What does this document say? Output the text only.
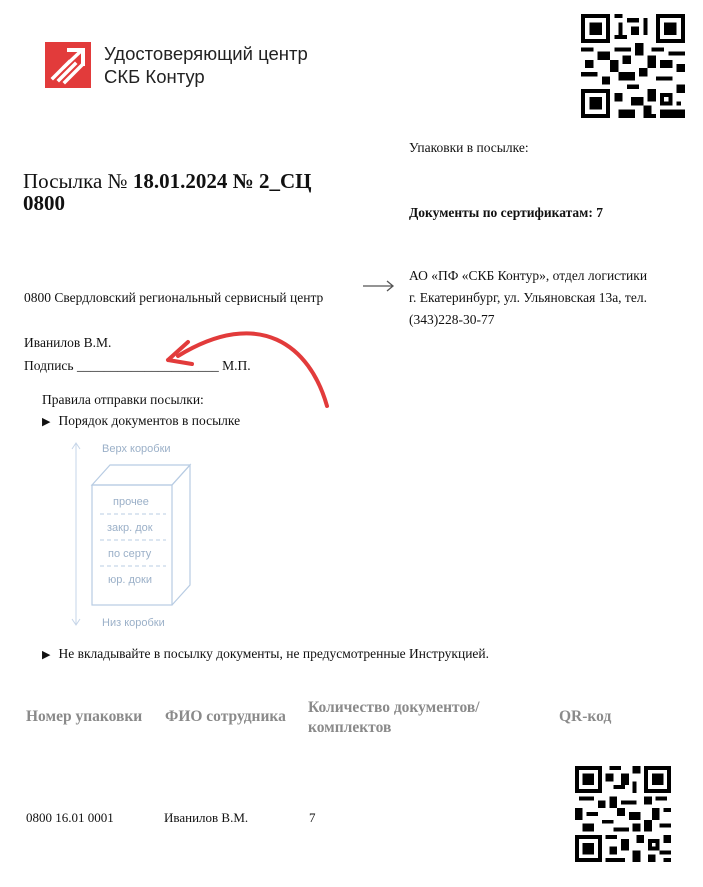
Удостоверяющий центр
СКБ Контур
Посылка № 18.01.2024 № 2_СЦ
0800
Упаковки в посылке:
Документы по сертификатам: 7
0800 Свердловский региональный сервисный центр
АО «ПФ «СКБ Контур», отдел логистики
г. Екатеринбург, ул. Ульяновская 13а, тел.
(343)228-30-77
Иванилов В.М.
Подпись _____________________ М.П.
Правила отправки посылки:
▶ Порядок документов в посылке
Верх коробки
прочее
закр. док
по серту
юр. доки
Низ коробки
▶ Не вкладывайте в посылку документы, не предусмотренные Инструкцией.
Номер упаковки ФИО сотрудника
Количество документов/
комплектов
QR-код
0800 16.01 0001	Иванилов В.М.	7
